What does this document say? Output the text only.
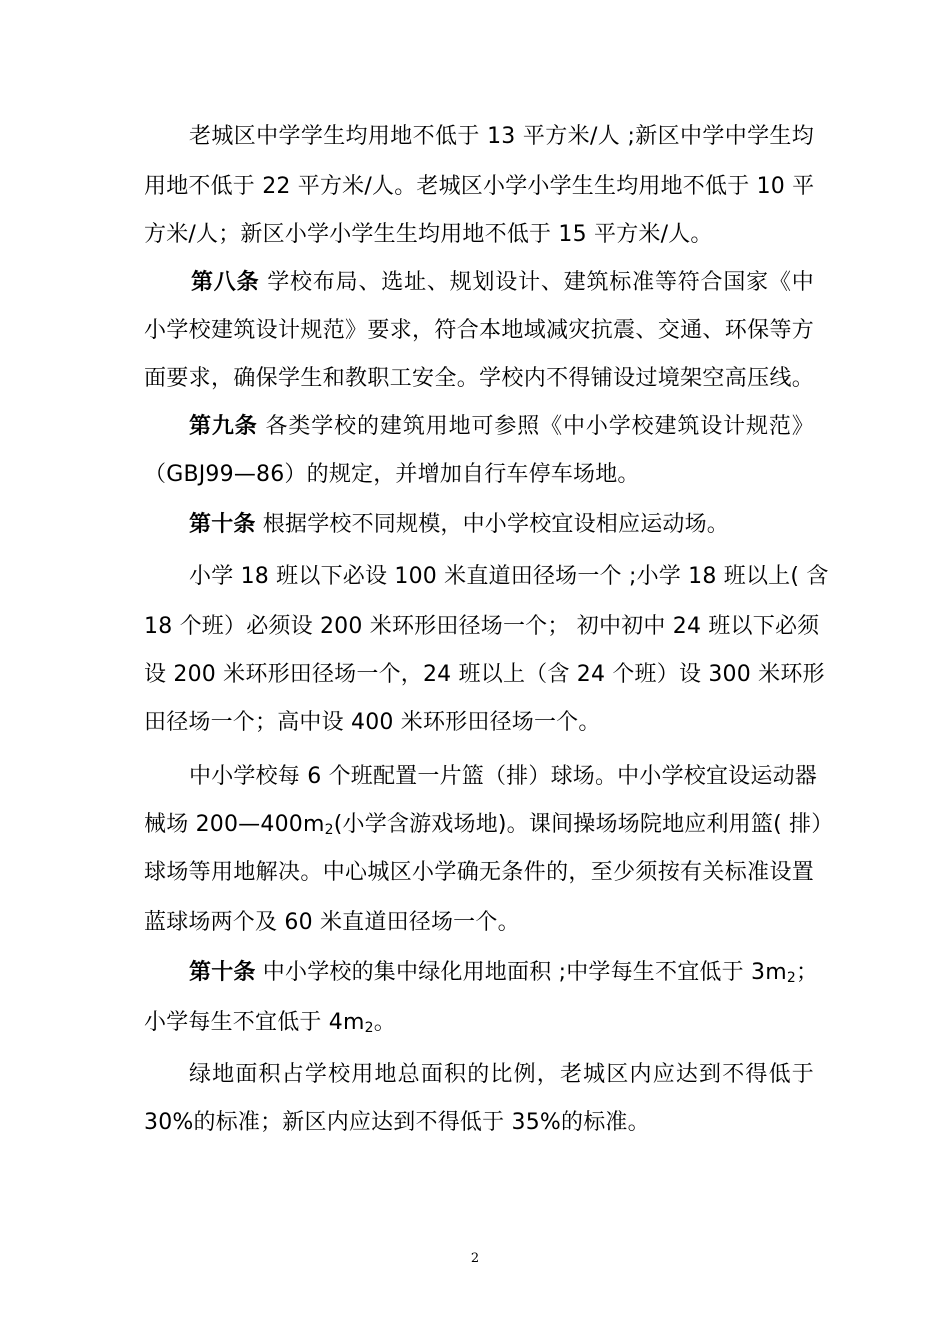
老城区中学学生均用地不低于 13 平方米/人 ;新区中学中学生均
用地不低于 22 平方米/人。老城区小学小学生生均用地不低于 10 平
方米/人；新区小学小学生生均用地不低于 15 平方米/人。
第八条 学校布局、选址、规划设计、建筑标准等符合国家《中
小学校建筑设计规范》要求，符合本地域减灾抗震、交通、环保等方
面要求，确保学生和教职工安全。学校内不得铺设过境架空高压线。
第九条 各类学校的建筑用地可参照《中小学校建筑设计规范》
（GBJ99—86）的规定，并增加自行车停车场地。
第十条 根据学校不同规模，中小学校宜设相应运动场。
小学 18 班以下必设 100 米直道田径场一个 ;小学 18 班以上( 含
18 个班）必须设 200 米环形田径场一个； 初中初中 24 班以下必须
设 200 米环形田径场一个，24 班以上（含 24 个班）设 300 米环形
田径场一个；高中设 400 米环形田径场一个。
中小学校每 6 个班配置一片篮（排）球场。中小学校宜设运动器
械场 $200—400m_2$(小学含游戏场地)。课间操场场院地应利用篮( 排）
球场等用地解决。中心城区小学确无条件的，至少须按有关标准设置
蓝球场两个及 60 米直道田径场一个。
第十条 中小学校的集中绿化用地面积 ;中学每生不宜低于 $3m_2$；
小学每生不宜低于 $4m_2$。
绿地面积占学校用地总面积的比例，老城区内应达到不得低于
30%的标准；新区内应达到不得低于 35%的标准。
2
